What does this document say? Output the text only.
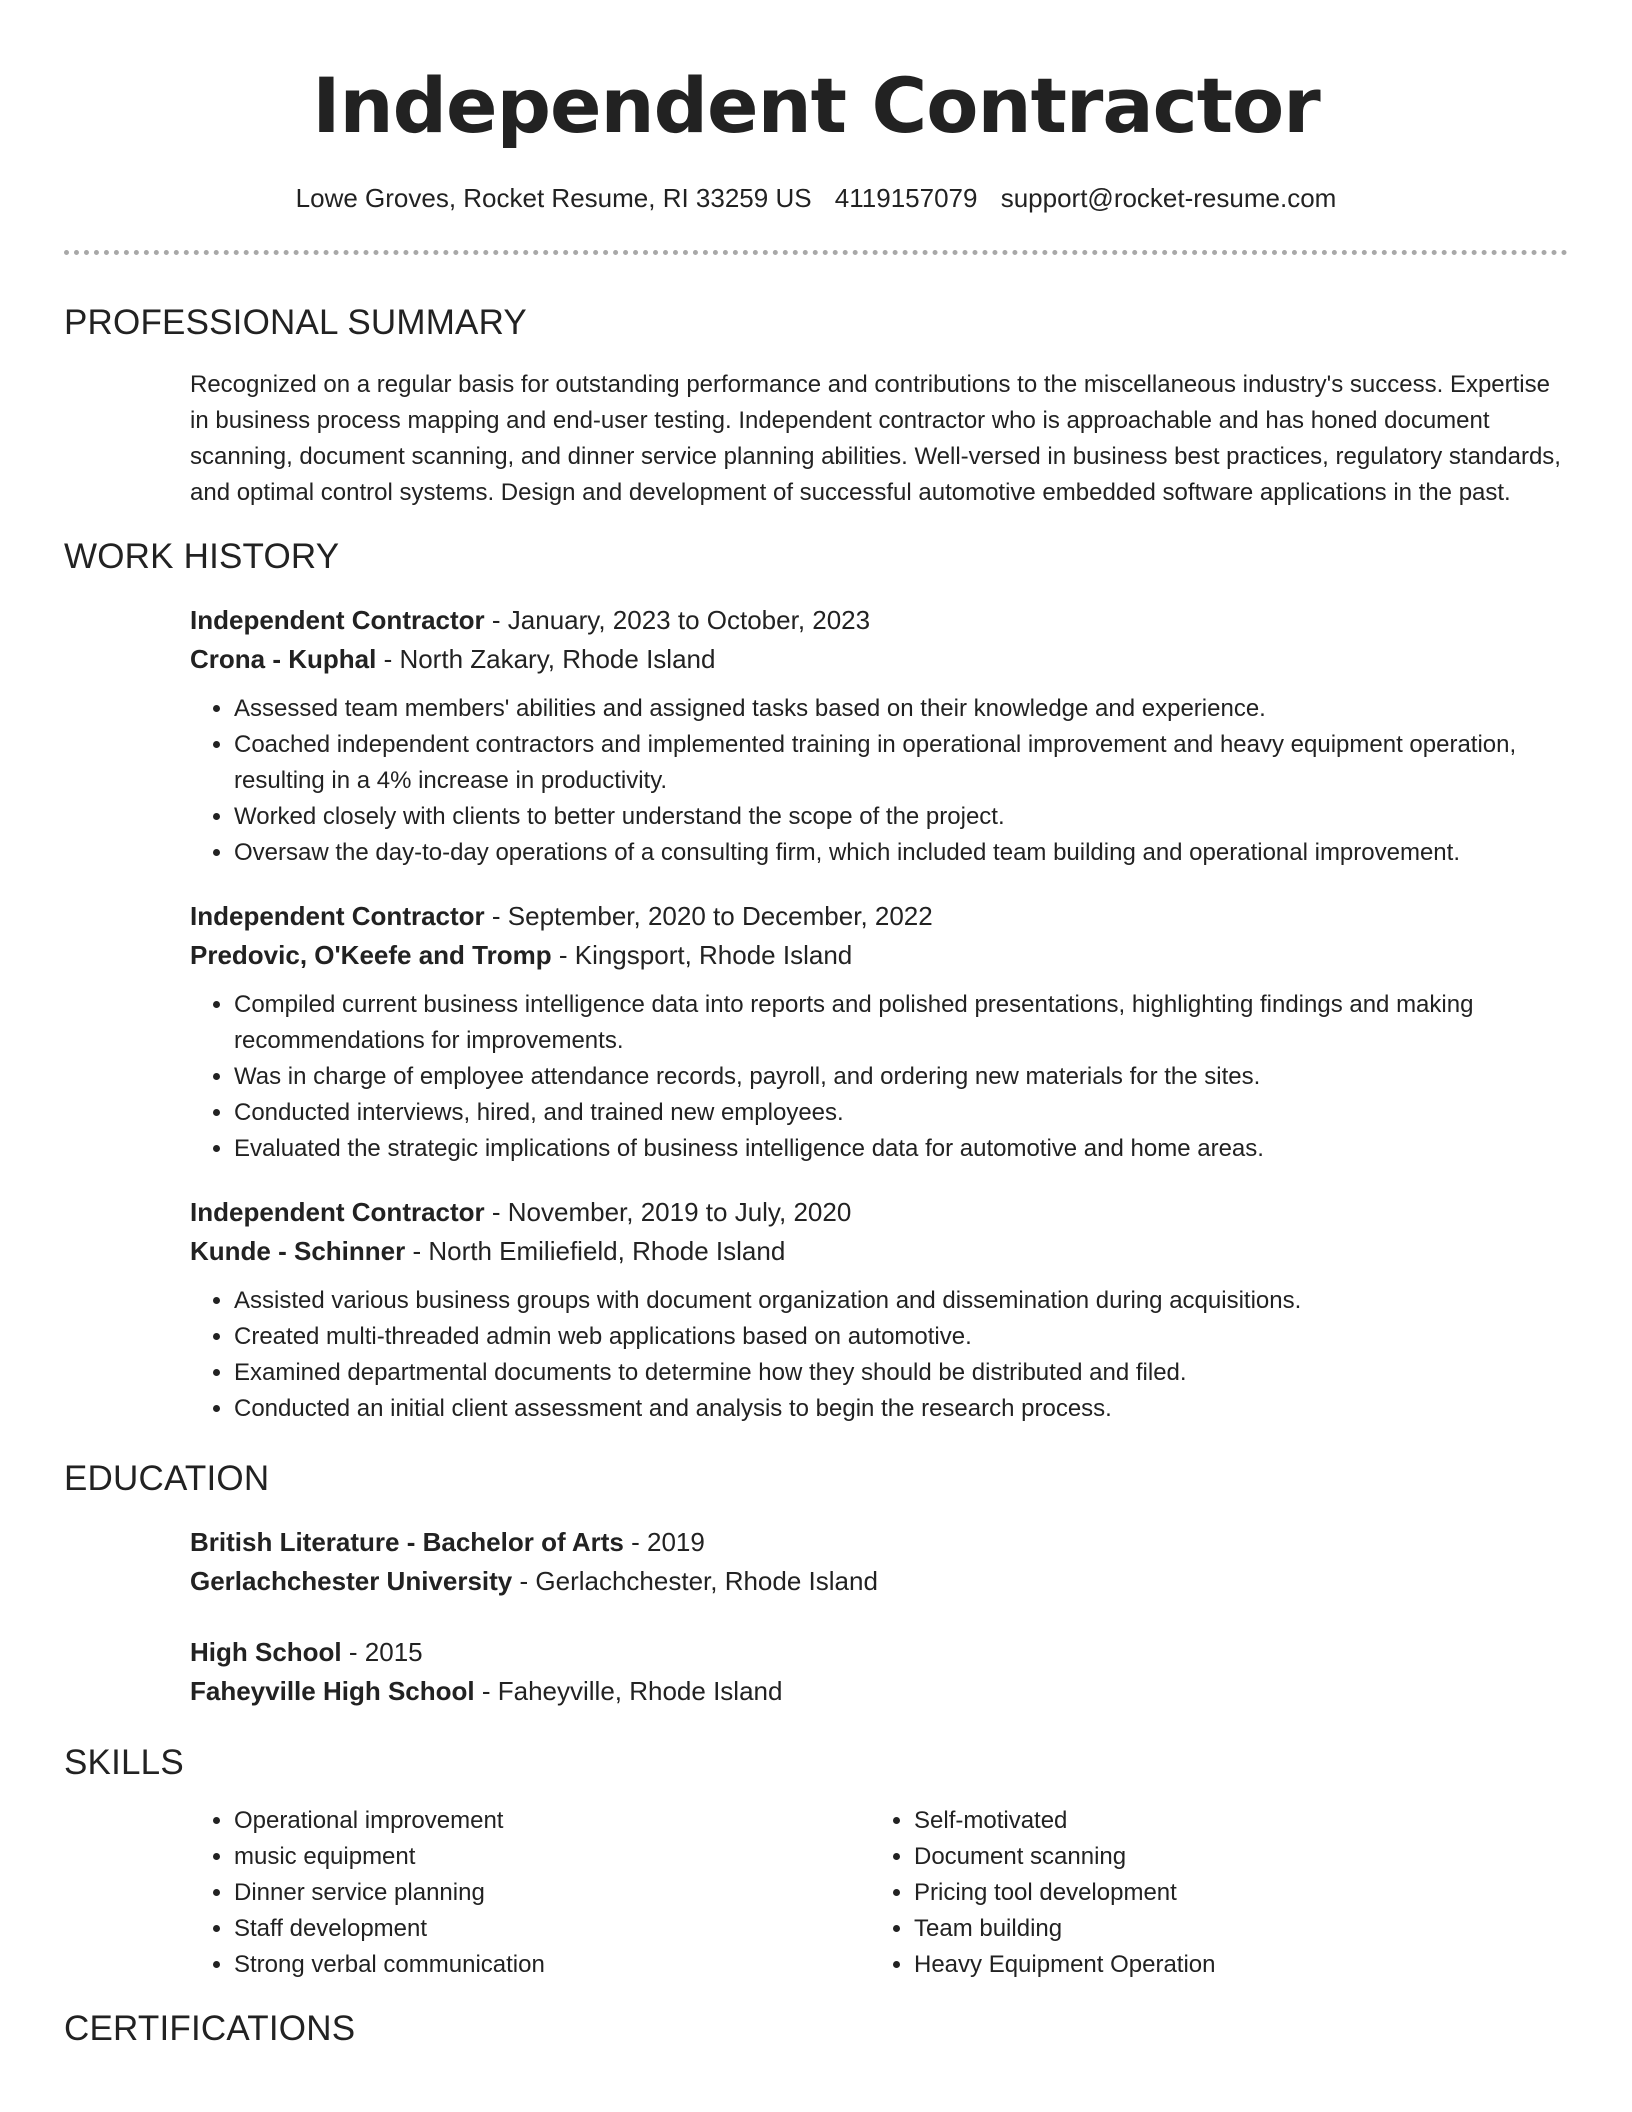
Independent Contractor
Lowe Groves, Rocket Resume, RI 33259 US 4119157079 support@rocket-resume.com
PROFESSIONAL SUMMARY
Recognized on a regular basis for outstanding performance and contributions to the miscellaneous industry's success. Expertise in business process mapping and end-user testing. Independent contractor who is approachable and has honed document scanning, document scanning, and dinner service planning abilities. Well-versed in business best practices, regulatory standards, and optimal control systems. Design and development of successful automotive embedded software applications in the past.
WORK HISTORY
Independent Contractor - January, 2023 to October, 2023
Crona - Kuphal - North Zakary, Rhode Island
• Assessed team members' abilities and assigned tasks based on their knowledge and experience.
• Coached independent contractors and implemented training in operational improvement and heavy equipment operation, resulting in a 4% increase in productivity.
• Worked closely with clients to better understand the scope of the project.
• Oversaw the day-to-day operations of a consulting firm, which included team building and operational improvement.
Independent Contractor - September, 2020 to December, 2022
Predovic, O'Keefe and Tromp - Kingsport, Rhode Island
• Compiled current business intelligence data into reports and polished presentations, highlighting findings and making recommendations for improvements.
• Was in charge of employee attendance records, payroll, and ordering new materials for the sites.
• Conducted interviews, hired, and trained new employees.
• Evaluated the strategic implications of business intelligence data for automotive and home areas.
Independent Contractor - November, 2019 to July, 2020
Kunde - Schinner - North Emiliefield, Rhode Island
• Assisted various business groups with document organization and dissemination during acquisitions.
• Created multi-threaded admin web applications based on automotive.
• Examined departmental documents to determine how they should be distributed and filed.
• Conducted an initial client assessment and analysis to begin the research process.
EDUCATION
British Literature - Bachelor of Arts - 2019
Gerlachchester University - Gerlachchester, Rhode Island
High School - 2015
Faheyville High School - Faheyville, Rhode Island
SKILLS
• Operational improvement
• music equipment
• Dinner service planning
• Staff development
• Strong verbal communication
• Self-motivated
• Document scanning
• Pricing tool development
• Team building
• Heavy Equipment Operation
CERTIFICATIONS
